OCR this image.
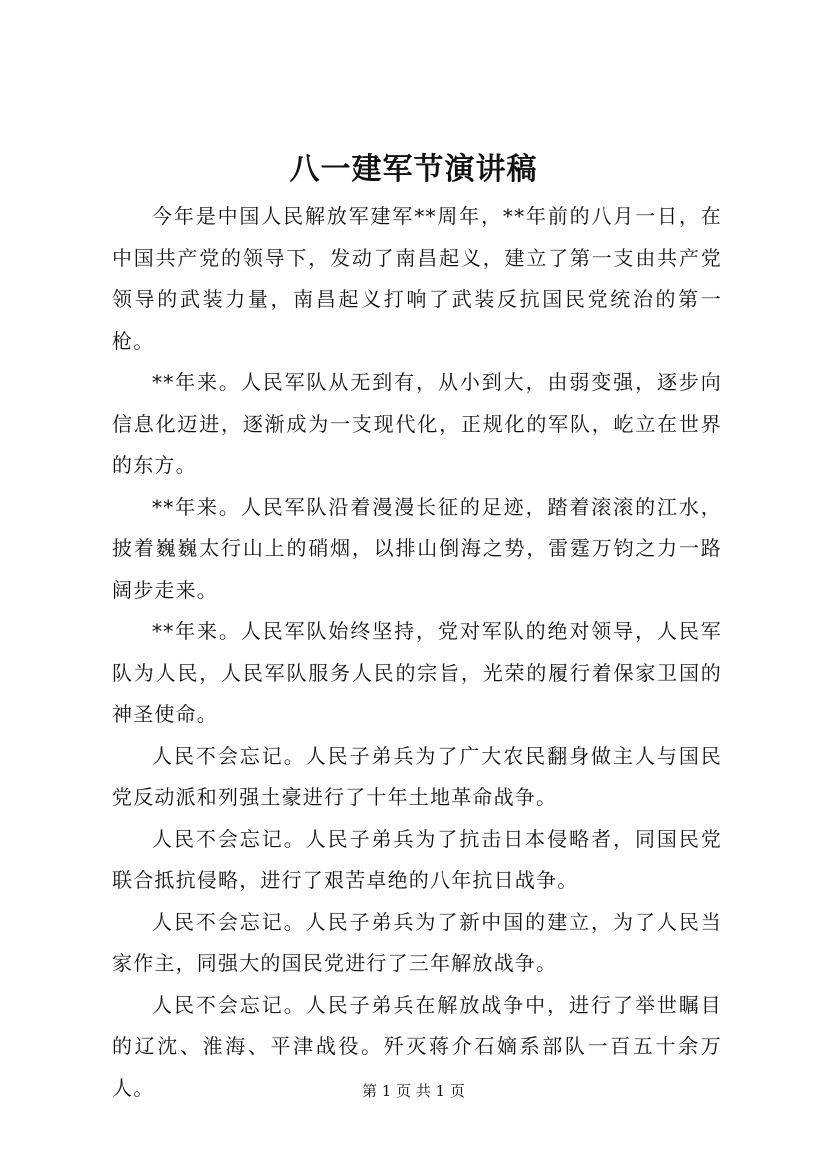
八一建军节演讲稿

今年是中国人民解放军建军**周年，**年前的八月一日，在中国共产党的领导下，发动了南昌起义，建立了第一支由共产党领导的武装力量，南昌起义打响了武装反抗国民党统治的第一枪。

**年来。人民军队从无到有，从小到大，由弱变强，逐步向信息化迈进，逐渐成为一支现代化，正规化的军队，屹立在世界的东方。

**年来。人民军队沿着漫漫长征的足迹，踏着滚滚的江水，披着巍巍太行山上的硝烟，以排山倒海之势，雷霆万钧之力一路阔步走来。

**年来。人民军队始终坚持，党对军队的绝对领导，人民军队为人民，人民军队服务人民的宗旨，光荣的履行着保家卫国的神圣使命。

人民不会忘记。人民子弟兵为了广大农民翻身做主人与国民党反动派和列强土豪进行了十年土地革命战争。

人民不会忘记。人民子弟兵为了抗击日本侵略者，同国民党联合抵抗侵略，进行了艰苦卓绝的八年抗日战争。

人民不会忘记。人民子弟兵为了新中国的建立，为了人民当家作主，同强大的国民党进行了三年解放战争。

人民不会忘记。人民子弟兵在解放战争中，进行了举世瞩目的辽沈、淮海、平津战役。歼灭蒋介石嫡系部队一百五十余万人。	第 1 页 共 1 页
